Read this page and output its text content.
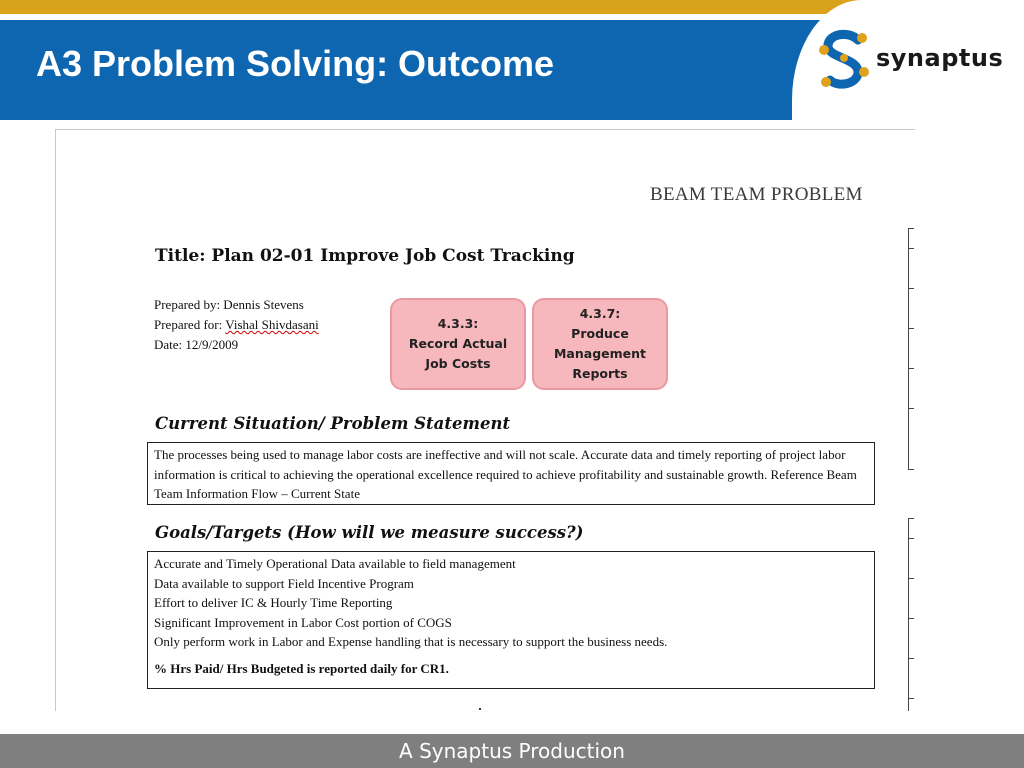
A3 Problem Solving: Outcome	synaptus
BEAM TEAM PROBLEM
Title: Plan 02-01 Improve Job Cost Tracking
Prepared by: Dennis Stevens
Prepared for: Vishal Shivdasani
Date: 12/9/2009
4.3.3:
Record Actual
Job Costs
4.3.7:
Produce
Management
Reports
Current Situation/ Problem Statement
The processes being used to manage labor costs are ineffective and will not scale. Accurate data and timely reporting of project labor information is critical to achieving the operational excellence required to achieve profitability and sustainable growth. Reference Beam Team Information Flow – Current State
Goals/Targets (How will we measure success?)
Accurate and Timely Operational Data available to field management
Data available to support Field Incentive Program
Effort to deliver IC & Hourly Time Reporting
Significant Improvement in Labor Cost portion of COGS
Only perform work in Labor and Expense handling that is necessary to support the business needs.
% Hrs Paid/ Hrs Budgeted is reported daily for CR1.
A Synaptus Production
